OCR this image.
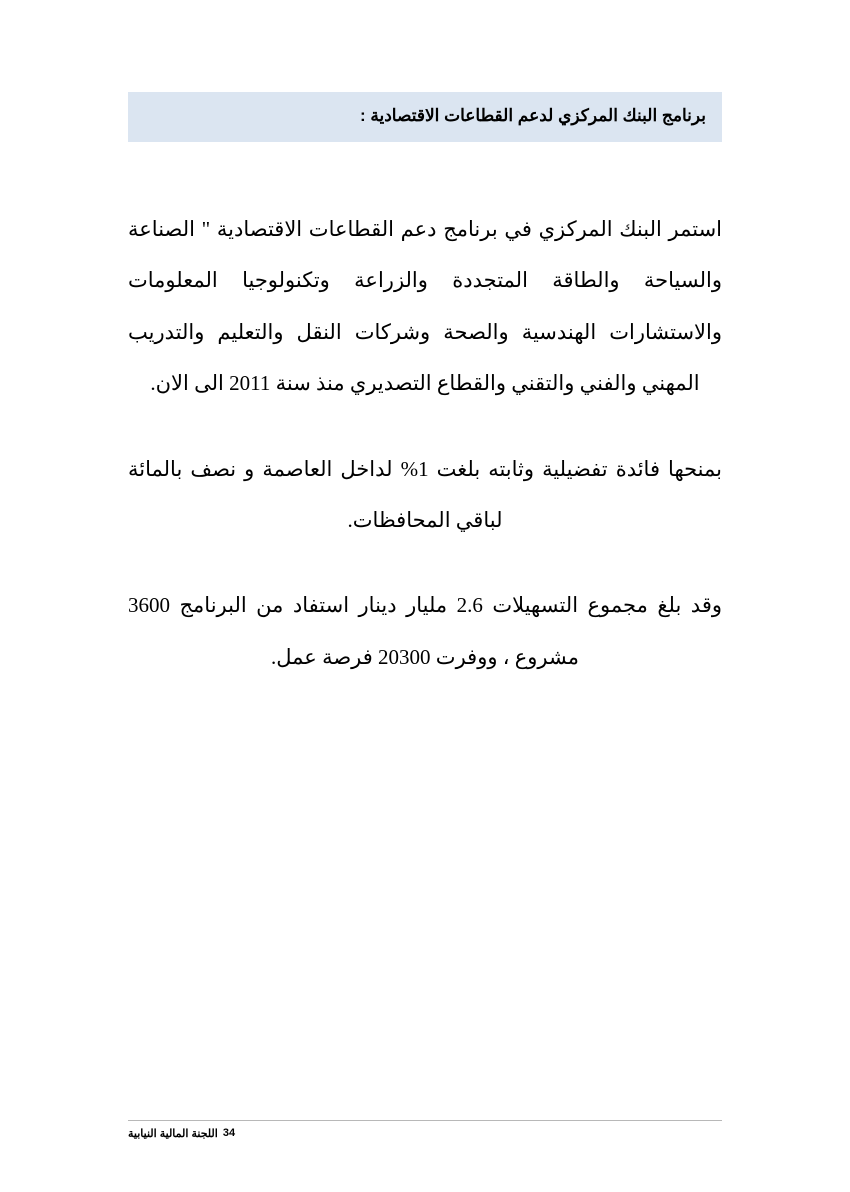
برنامج البنك المركزي لدعم القطاعات الاقتصادية :

استمر البنك المركزي في برنامج دعم القطاعات الاقتصادية " الصناعة والسياحة والطاقة المتجددة والزراعة وتكنولوجيا المعلومات والاستشارات الهندسية والصحة وشركات النقل والتعليم والتدريب المهني والفني والتقني والقطاع التصديري منذ سنة 2011 الى الان.

بمنحها فائدة تفضيلية وثابته بلغت 1% لداخل العاصمة و نصف بالمائة لباقي المحافظات.

وقد بلغ مجموع التسهيلات 2.6 مليار دينار استفاد من البرنامج 3600 مشروع ، ووفرت 20300 فرصة عمل.

34
اللجنة المالية النيابية
